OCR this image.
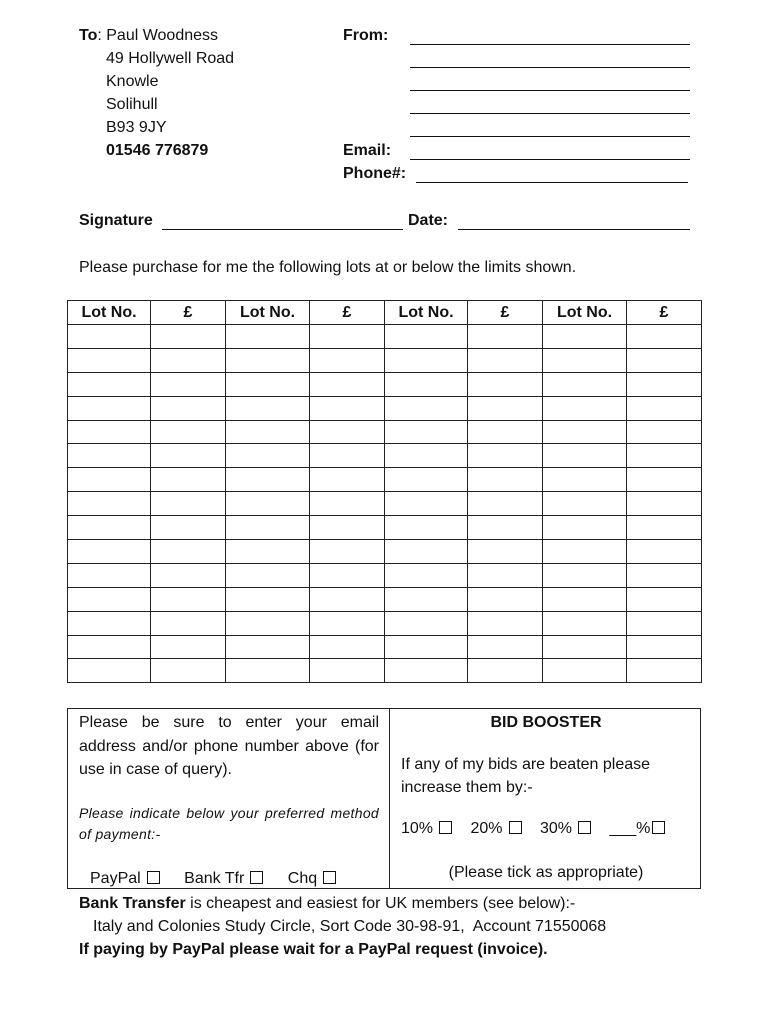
To: Paul Woodness
49 Hollywell Road
Knowle
Solihull
B93 9JY
01546 776879
From:
Email:
Phone#:
Signature	Date:
Please purchase for me the following lots at or below the limits shown.
Lot No.	£	Lot No.	£	Lot No.	£	Lot No.	£

Please be sure to enter your email address and/or phone number above (for use in case of query).
Please indicate below your preferred method of payment:-
PayPal	Bank Tfr	Chq
BID BOOSTER
If any of my bids are beaten please increase them by:-
10% 20% 30% ___%
(Please tick as appropriate)
Bank Transfer is cheapest and easiest for UK members (see below):-
Italy and Colonies Study Circle, Sort Code 30-98-91,  Account 71550068
If paying by PayPal please wait for a PayPal request (invoice).
